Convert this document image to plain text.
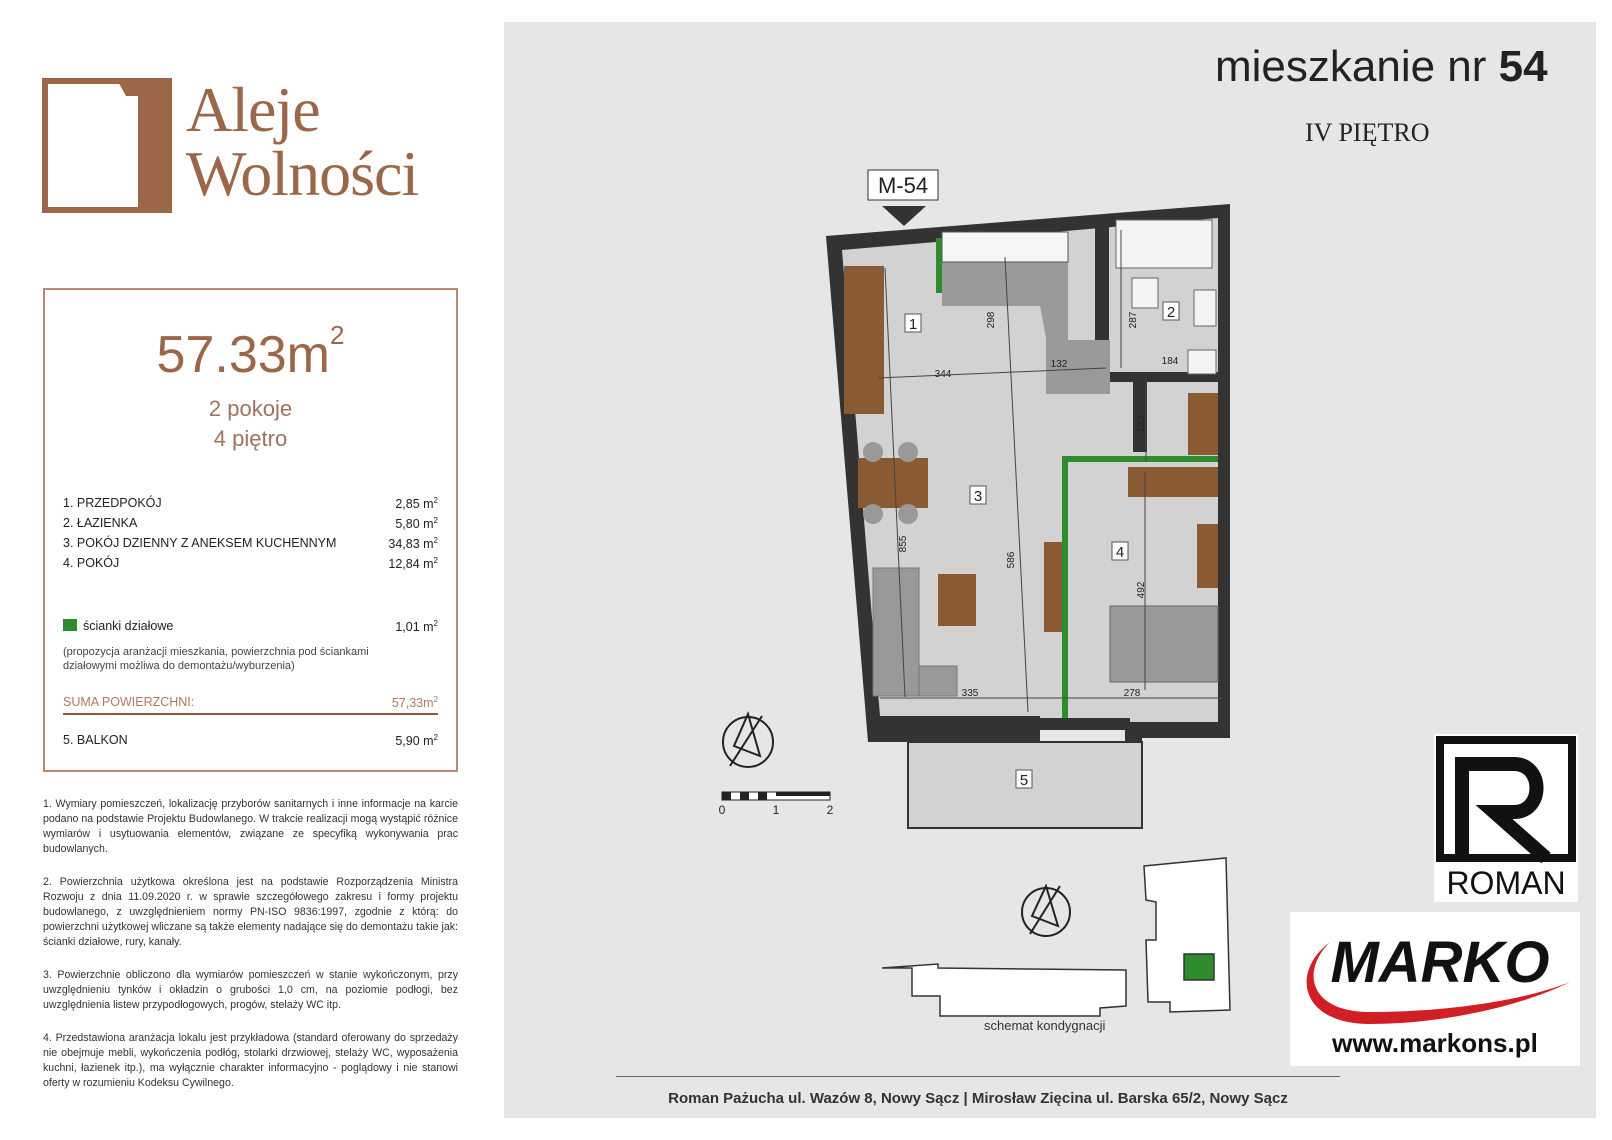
Aleje
Wolności
$57.33m^2$
2 pokoje
4 piętro
1. PRZEDPOKÓJ	2,85 $m^2$
2. ŁAZIENKA	5,80 $m^2$
3. POKÓJ DZIENNY Z ANEKSEM KUCHENNYM	34,83 $m^2$
4. POKÓJ	12,84 $m^2$
ścianki działowe	1,01 $m^2$
(propozycja aranżacji mieszkania, powierzchnia pod ściankami działowymi możliwa do demontażu/wyburzenia)
SUMA POWIERZCHNI:	$57,33m^2$
5. BALKON	5,90 $m^2$
1. Wymiary pomieszczeń, lokalizację przyborów sanitarnych i inne informacje na karcie podano na podstawie Projektu Budowlanego. W trakcie realizacji mogą wystąpić różnice wymiarów i usytuowania elementów, związane ze specyfiką wykonywania prac budowlanych.
2. Powierzchnia użytkowa określona jest na podstawie Rozporządzenia Ministra Rozwoju z dnia 11.09.2020 r. w sprawie szczegółowego zakresu i formy projektu budowlanego, z uwzględnieniem normy PN-ISO 9836:1997, zgodnie z którą: do powierzchni użytkowej wliczane są także elementy nadające się do demontażu takie jak: ścianki działowe, rury, kanały.
3. Powierzchnie obliczono dla wymiarów pomieszczeń w stanie wykończonym, przy uwzględnieniu tynków i okładzin o grubości 1,0 cm, na poziomie podłogi, bez uwzględnienia listew przypodłogowych, progów, stelaży WC itp.
4. Przedstawiona aranżacja lokalu jest przykładowa (standard oferowany do sprzedaży nie obejmuje mebli, wykończenia podłóg, stolarki drzwiowej, stelaży WC, wyposażenia kuchni, łazienek itp.), ma wyłącznie charakter informacyjno - poglądowy i nie stanowi oferty w rozumieniu Kodeksu Cywilnego.
mieszkanie nr 54
IV PIĘTRO
1
2
3
4
5
M-54
344
298
132
287
184
123
855
586
492
335	278
0	1	2
schemat kondygnacji
ROMAN
MARKO
www.markons.pl
Roman Pażucha ul. Wazów 8, Nowy Sącz | Mirosław Zięcina ul. Barska 65/2, Nowy Sącz
